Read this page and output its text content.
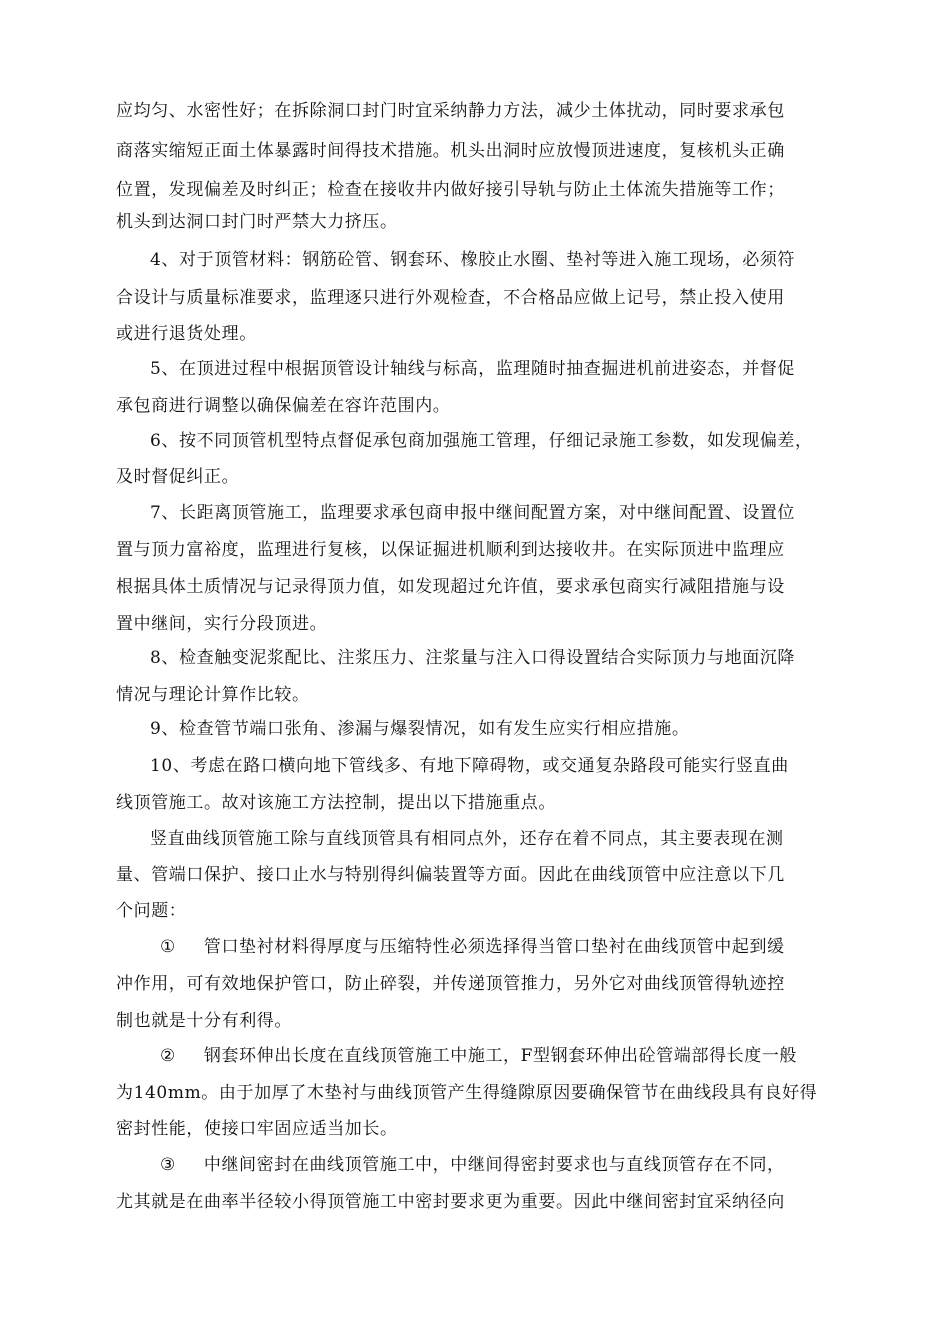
应均匀、水密性好；在拆除洞口封门时宜采纳静力方法，减少土体扰动，同时要求承包
商落实缩短正面土体暴露时间得技术措施。机头出洞时应放慢顶进速度，复核机头正确
位置，发现偏差及时纠正；检查在接收井内做好接引导轨与防止土体流失措施等工作；
机头到达洞口封门时严禁大力挤压。
4、对于顶管材料：钢筋砼管、钢套环、橡胶止水圈、垫衬等进入施工现场，必须符
合设计与质量标准要求，监理逐只进行外观检查，不合格品应做上记号，禁止投入使用
或进行退货处理。
5、在顶进过程中根据顶管设计轴线与标高，监理随时抽查掘进机前进姿态，并督促
承包商进行调整以确保偏差在容许范围内。
6、按不同顶管机型特点督促承包商加强施工管理，仔细记录施工参数，如发现偏差，
及时督促纠正。
7、长距离顶管施工，监理要求承包商申报中继间配置方案，对中继间配置、设置位
置与顶力富裕度，监理进行复核，以保证掘进机顺利到达接收井。在实际顶进中监理应
根据具体土质情况与记录得顶力值，如发现超过允许值，要求承包商实行减阻措施与设
置中继间，实行分段顶进。
8、检查触变泥浆配比、注浆压力、注浆量与注入口得设置结合实际顶力与地面沉降
情况与理论计算作比较。
9、检查管节端口张角、渗漏与爆裂情况，如有发生应实行相应措施。
10、考虑在路口横向地下管线多、有地下障碍物，或交通复杂路段可能实行竖直曲
线顶管施工。故对该施工方法控制，提出以下措施重点。
竖直曲线顶管施工除与直线顶管具有相同点外，还存在着不同点，其主要表现在测
量、管端口保护、接口止水与特别得纠偏装置等方面。因此在曲线顶管中应注意以下几
个问题：
① 管口垫衬材料得厚度与压缩特性必须选择得当管口垫衬在曲线顶管中起到缓
冲作用，可有效地保护管口，防止碎裂，并传递顶管推力，另外它对曲线顶管得轨迹控
制也就是十分有利得。
② 钢套环伸出长度在直线顶管施工中施工，F型钢套环伸出砼管端部得长度一般
为140mm。由于加厚了木垫衬与曲线顶管产生得缝隙原因要确保管节在曲线段具有良好得
密封性能，使接口牢固应适当加长。
③ 中继间密封在曲线顶管施工中，中继间得密封要求也与直线顶管存在不同，
尤其就是在曲率半径较小得顶管施工中密封要求更为重要。因此中继间密封宜采纳径向
